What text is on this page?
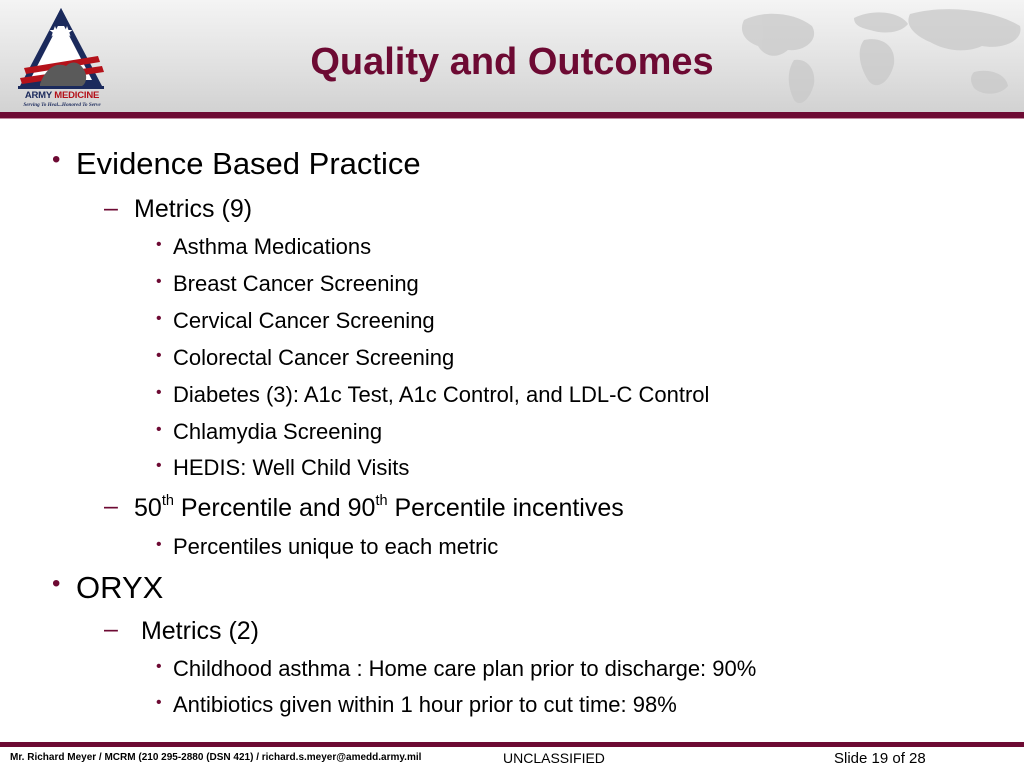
ARMY MEDICINE
Serving To Heal...Honored To Serve
Quality and Outcomes
• Evidence Based Practice
– Metrics (9)
• Asthma Medications
• Breast Cancer Screening
• Cervical Cancer Screening
• Colorectal Cancer Screening
• Diabetes (3): A1c Test, A1c Control, and LDL-C Control
• Chlamydia Screening
• HEDIS: Well Child Visits
– 50th Percentile and 90th Percentile incentives
• Percentiles unique to each metric
• ORYX
– Metrics (2)
• Childhood asthma : Home care plan prior to discharge: 90%
• Antibiotics given within 1 hour prior to cut time: 98%
Mr. Richard Meyer / MCRM (210 295-2880 (DSN 421) / richard.s.meyer@amedd.army.mil	UNCLASSIFIED	Slide 19 of 28
